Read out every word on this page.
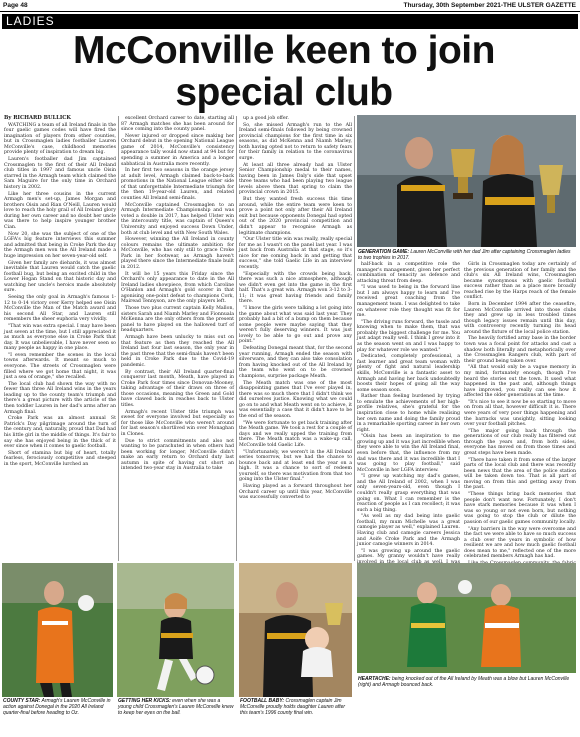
Page 48	Thursday, 30th September 2021-THE ULSTER GAZETTE
LADIES
McConville keen to join special club

By RICHARD BULLICK

WATCHING a team of all Ireland finals in the four gaelic games codes will have fired the imagination of players from other counties, but in Crossmaglen ladies footballer Lauren McConville's case, childhood memories provide plenty of inspiration to dream big.

Lauren's footballer dad Jim captained Crossmaglen to the first of their All Ireland club titles in 1997 and famous uncle Oisin starred in the Armagh team which claimed the Sam Maguire for the only time in Orchard history in 2002.

Like her three cousins in the current Armagh men's set-up, James Morgan and brothers Oisin and Rian O'Neill, Lauren would love to reach the holy grail of All Ireland glory during her own career and no doubt her uncle was there to help inspire younger brother Cian.

Now 20, she was the subject of one of the LGFA's big feature interviews this summer and admitted that being in Croke Park the day the Armagh men won the All Ireland made a huge impression on her seven-year-old self.

Given her family are diehards, it was almost inevitable that Lauren would catch the gaelic football bug, but being an excited child in the Lower Hogan Stand on that historic day and watching her uncle's heroics made absolutely sure.

Seeing the only goal in Armagh's famous 1-12 to 0-14 victory over Kerry helped see Oisin McConville the Man of the Match award and his second All Star, and Lauren still remembers the sheer euphoria very vividly.

"That win was extra special. I may have been just seven at the time, but I still appreciated it as much as everyone else in Croke Park that day. It was unbelievable, I have never seen so many people as happy in one place.

"I even remember the scenes in the local towns afterwards. It meant so much to everyone. The streets of Crossmaglen were filled where we got home that night, it was just a sea of orange," she recalled.

The local club had shown the way with no fewer than three All Ireland wins in the years leading up to the county team's triumph and there's a great picture with the article of the then toddler Lauren in her dad's arms after an Armagh final.

Croke Park was an almost annual St Patrick's Day pilgrimage around the turn of the century and, naturally, proud that Dad had his little girl in the middle of things. It's fair to say she has enjoyed being in the thick of it ever since when it comes to gaelic football.

Short of stamina but big of heart, totally fearless, ferociously competitive and steeped in the sport, McConville lurched an

excellent Orchard career to date, starting all 87 Armagh matches she has been around for since coming into the county panel.

Never injured or dropped since making her Orchard debut in the opening National League game of 2014, McConville's consistency appearance tally would now stand at 94 but for spending a summer in America and a longer sabbatical in Australia more recently.

In her first two seasons in the orange jersey at adult level, Armagh claimed back-to-back promotions in the National League either side of that unforgettable Intermediate triumph for the then 19-year-old Lauren, and related counties All Ireland semi-finals.

McConville captained Crossmaglen to an Armagh Intermediate Championship and was voted a double in 2017, has helped Ulster win the intercounty title, was captain of Queen's University and enjoyed success Down Under, both at club level and with New South Wales.

However, winning the All Ireland in county colours remains the ultimate ambition for McConville, who has only still to grace Croke Park in her footwear, as Armagh haven't played there since the Intermediate finale built in 2012.

It will be 15 years this Friday since the Orchard's only appearance to date in the All Ireland ladies showpiece, from which Caroline O'Hanlon and Armagh's gold scorer in that agonising one-point defeat to champions Cork, Mairead Tennyson, are the only players left.

Those two plus current captain Kelly Mallon, sisters Sarah and Niamh Marley and Fionnuala McKenna are the only others from the present panel to have played on the hallowed turf of headquarters.

Armagh have been unlucky to miss out on that feature as then they reached the All Ireland last four last season, the only year in the past three that the semi-finals haven't been held in Croke Park due to the Covid-19 pandemic.

By contrast, their All Ireland quarter-final conqueror last month, Meath, have played in Croke Park four times since Donovan-Mooney, taking advantage of their draws on three of those occasions, meaning the Green and Gold have clawed back in reaches back to Ulster titles.

Armagh's recent Ulster title triumph was sweet for everyone involved but especially so for those like McConville who weren't around for last season's shortlived win over Monaghan in Clones.

Due to strict commitments and also not wanting to be parachuted in when others had been working for longer, McConville didn't make an early return to Orchard duty last autumn in spite of having cut short an intended two-year stay in Australia to take

up a good job offer.

So, she missed Armagh's run to the All Ireland semi-finals followed by being crowned provincial champions for the first time in six seasons, as did McKenna and Niamh Marley, both having opted not to return to safety fears for their family in relation to the coronavirus surge.

At least all three already had an Ulster Senior Championship medal to their names, having been in James Daly's side that upset three teams who had been playing two league levels above them that spring to claim the provincial crown in 2015.

But they wanted fresh success this time around, while the entire team were keen to prove a point not only after their All Ireland exit but because opponents Donegal had opted out of the 2020 provincial competition and didn't appear to recognise Armagh as legitimate champions.

"Our Ulster title win was really, really special for me as I wasn't on the panel last year. I was just back from Australia at that stage, so it's nice for me coming back in and getting that success," she told Gaelic Life in an interview recently.

"Especially with the crowds being back, there was such a nice atmosphere, although we didn't even get into the game in the first half. That's a great win. Armagh won 3-12 to 3-11; it was great having friends and family there.

"I know the girls were talking a lot going into the game about what was said last year. They probably had a bit of a bump on them because some people were maybe saying that they weren't fully deserving winners. It was just lovely to be able to go out and prove any point."

Defeating Donegal meant that, for the second year running, Armagh ended the season with silverware, and they can also take consolation from having knocked out of the All Ireland by the team who went on to be crowned champions, surprise package Meath.

The Meath match was one of the most disappointing games that I've ever played in, there was so much there that I didn't think we did ourselves justice. Knowing what we could go on to and what Meath went on to achieve, it was essentially a case that it didn't have to be the end of the season.

"We were fortunate to get back training after the Meath game. We took a rest for a couple of days and we really upped the training from there. The Meath match was a wake-up call, McConville told Gaelic Life.

"Unfortunately, we weren't in the All Ireland series tomorrow, but we had the chance to bounce back and at least end the year on a high. It was a chance to sort of redeem yourself, so there was motivation from that too going into the Ulster final."

Having played as a forward throughout her Orchard career up until this year, McConville was successfully converted to

half-back in a competitive role the manager's management, given her perfect combination of tenacity as defence and attacking threat from deep.

"I was used to being in the forward line but I am always happy to learn and I've received great coaching from the management team. I was delighted to take on whatever role they thought was fit for me.

"The driving runs forward, the tussle and knowing when to make them, that was probably the biggest challenge for me. You just adapt really well. I think I grew into it as the season went on and I was happy to play for whatever role we wanted."

Dedicated, completely professional, a fast learner and great team woman with plenty of fight and natural leadership skills, McConville is a fantastic asset to Armagh and having her back undoubtedly boosts their hopes of going all the way some season soon.

Rather than feeling burdened by trying to emulate the achievements of her high-profile relatives, she's grateful for the inspiration close to home while realising her own name and doing the family proud in a remarkable sporting career in her own right.

"Oisin has been an inspiration to me growing up and it was just incredible when they were able to win the All Ireland final, even before that, the influence from my dad was there and it was incredible that I was going to play football," said McConville in her LGFA interview.

"I grew up watching my dad's games, and the All Ireland of 2002, when I was only seven-years-old, even though I couldn't really grasp everything that was going on. What I can remember is the reaction of people as I can recollect; it was such a big thing.

"As well as my dad being into gaelic football, my mum Michelle was a great camogie player as well," explained Lauren. Having club and camogie careers Jessica and Aoife Croke Park and the Armagh junior camogie winners in 2014.

"I was growing up around the gaelic games. My granny wouldn't have really

Girls in Crossmaglen today are certainly of the previous generation of her family and the club's six All Ireland wins, Crossmaglen became synonymous with gaelic football success rather than as a place more broadly reached rise by the Harps reach of the female conflict.

Born in December 1994 after the ceasefire, Lauren McConville arrived into those clubs they and grew up in less troubled times though legacy issues remain until this day, with controversy recently turning its head around the fixture of the local police station.

The heavily fortified army base in the border town was a focal point for attacks and cast a shadow both literally and metaphorically over the Crossmaglen Rangers club, with part of their ground being taken over.

"All that would only be a vague memory in my mind, fortunately enough, though I've heard the stories out the town. It used what happened in the past and, although things have improved, you really can see how it affected the older generations at the time.

"It's nice to see it now be so starting to move on from all that, however difficult it is. There were years of very poor things happening and the barracks was unsightly, sitting looking over your football pitches.

"The major going back through the generations of our club really has filtered out through the years and, from both sides, everyone has moved on from those times and great steps have been made.

"There have taken it from some of the larger parts of the local club and there was recently been news that the area of the police station will be taken down too. That is all part of moving on from this and getting away from the past.

"These things bring back memories that people don't want now. Fortunately, I don't have stark memories because it was when I was so young or not even born, but nothing was going to stop the club or dilute the passion of our gaelic games community locally.

"Any barriers in the way were overcome and the fact we were able to have so much success a club over the years in symbolic of how resilient we are and how much gaelic football does mean to me," reflected one of the more celebrated members Armagh has had.

GENERATION GAME: Lauren McConville with her dad Jim after captaining Crossmaglen ladies to two trophies in 2017.
HEARTACHE: being knocked out of the All Ireland by Meath was a blow but Lauren McConville (right) and Armagh bounced back.
COUNTY STAR: Armagh's Lauren McConville in action against Donegal in the 2020 All Ireland quarter-final before heading to Oz.
GETTING HER KICKS: even when she was a young child Crossmaglen's Lauren McConville knew to keep her eyes on the ball.
FOOTBALL BABY: Crossmaglen captain Jim McConville proudly holds daughter Lauren after this team's 1996 county final win.
